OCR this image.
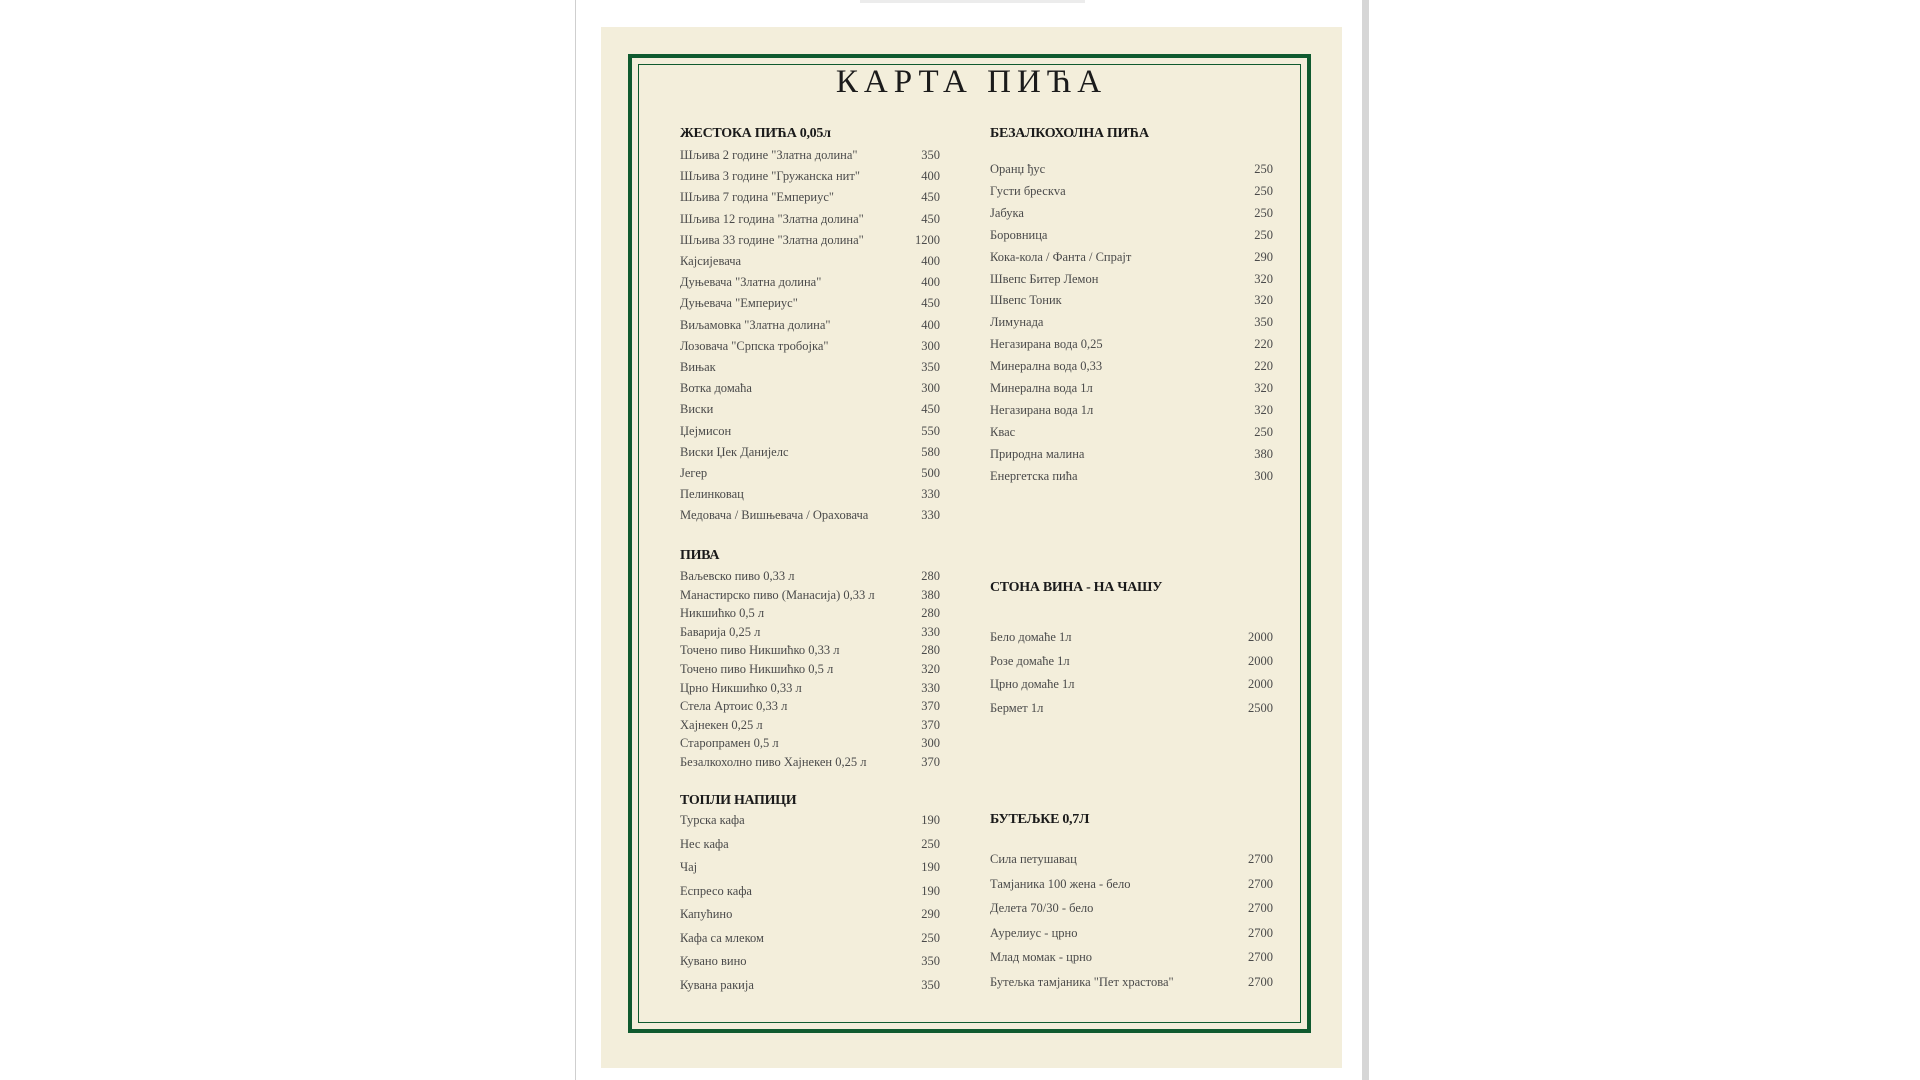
КАРТА ПИЋА
ЖЕСТОКА ПИЋА 0,05л
Шљива 2 године "Златна долина"	350
Шљива 3 године "Гружанска нит"	400
Шљива 7 година "Емпериус"	450
Шљива 12 година "Златна долина"	450
Шљива 33 године "Златна долина"	1200
Кајсијевача	400
Дуњевача "Златна долина"	400
Дуњевача "Емпериус"	450
Виљамовка "Златна долина"	400
Лозовача "Српска тробојка"	300
Вињак	350
Вотка домаћа	300
Виски	450
Џејмисон	550
Виски Џек Данијелс	580
Јегер	500
Пелинковац	330
Медовача / Вишњевача / Ораховача	330
БЕЗАЛКОХОЛНА ПИЋА
Оранџ ђус	250
Густи брескva	250
Јабука	250
Боровница	250
Кока-кола / Фанта / Спрајт	290
Швепс Битер Лемон	320
Швепс Тоник	320
Лимунада	350
Негазирана вода 0,25	220
Минерална вода 0,33	220
Минерална вода 1л	320
Негазирана вода 1л	320
Квас	250
Природна малина	380
Енергетска пића	300
ПИВА
Ваљевско пиво 0,33 л	280
Манастирско пиво (Манасија) 0,33 л	380
Никшићко 0,5 л	280
Баварија 0,25 л	330
Точено пиво Никшићко 0,33 л	280
Точено пиво Никшићко 0,5 л	320
Црно Никшићко 0,33 л	330
Стела Артоис 0,33 л	370
Хајнекен 0,25 л	370
Старопрамен 0,5 л	300
Безалкохолно пиво Хајнекен 0,25 л	370
СТОНА ВИНА - НА ЧАШУ
Бело домаће 1л	2000
Розе домаће 1л	2000
Црно домаће 1л	2000
Бермет 1л	2500
ТОПЛИ НАПИЦИ
Турска кафа	190
Нес кафа	250
Чај	190
Еспресо кафа	190
Капућино	290
Кафа са млеком	250
Кувано вино	350
Кувана ракија	350
БУТЕЉКЕ 0,7Л
Сила петушавац	2700
Тамјаника 100 жена - бело	2700
Делета 70/30 - бело	2700
Аурелиус - црно	2700
Млад момак - црно	2700
Бутељка тамјаника "Пет храстова"	2700
